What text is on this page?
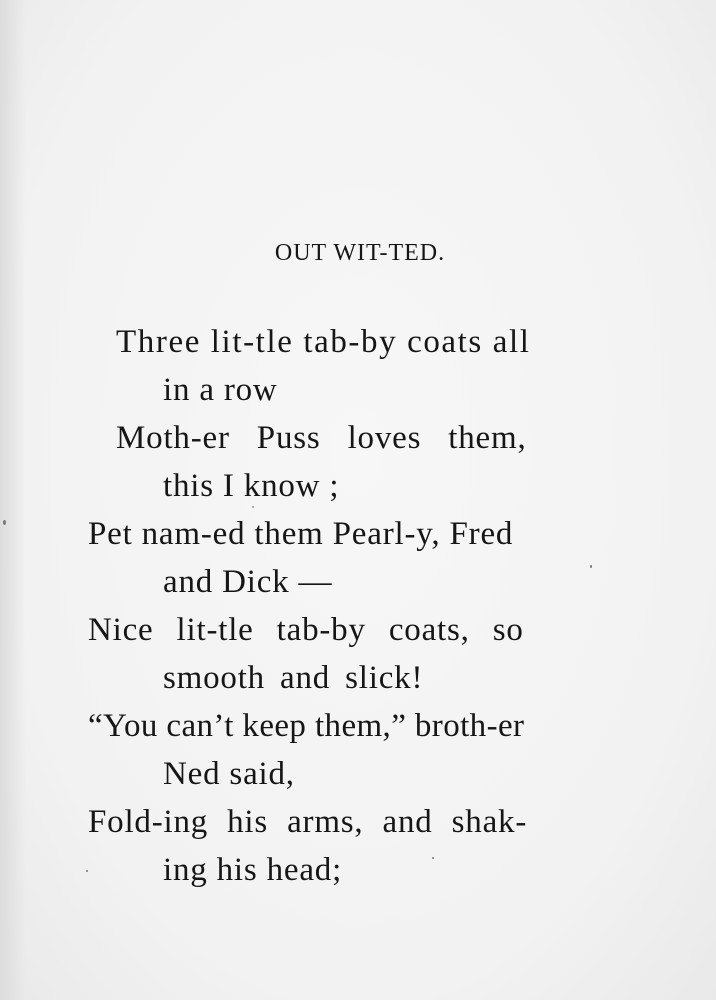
OUT WIT-TED.
Three lit-tle tab-by coats all
in a row
Moth-er Puss loves them,
this I know ;
Pet nam-ed them Pearl-y, Fred
and Dick —
Nice lit-tle tab-by coats, so
smooth and slick!
“You can’t keep them,” broth-er
Ned said,
Fold-ing his arms, and shak-
ing his head;
